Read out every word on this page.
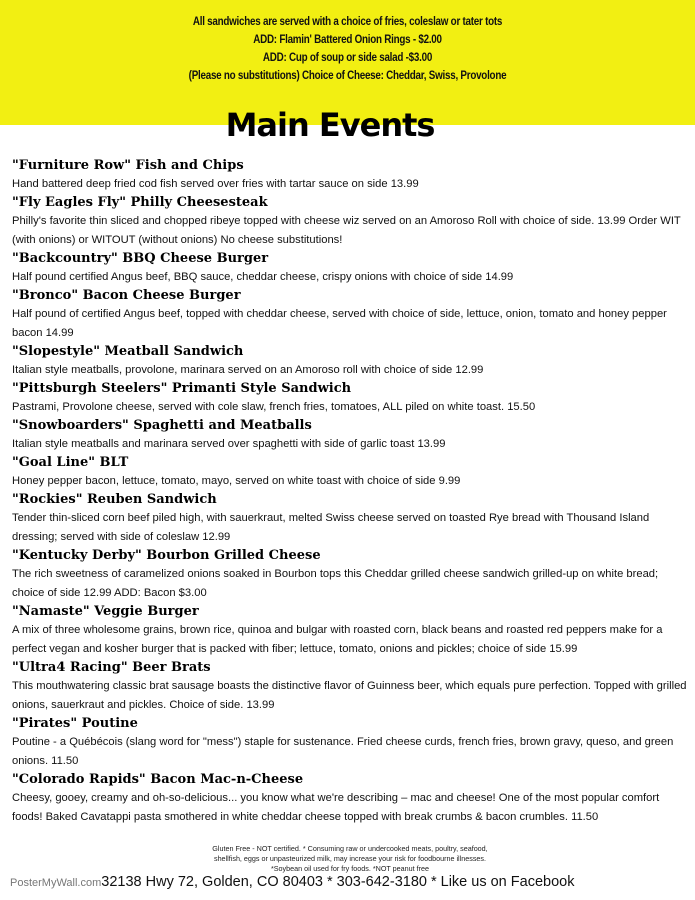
All sandwiches are served with a choice of fries, coleslaw or tater tots
ADD: Flamin' Battered Onion Rings - $2.00
ADD: Cup of soup or side salad -$3.00
(Please no substitutions) Choice of Cheese: Cheddar, Swiss, Provolone
Main Events
"Furniture Row" Fish and Chips
Hand battered deep fried cod fish served over fries with tartar sauce on side 13.99
"Fly Eagles Fly" Philly Cheesesteak
Philly's favorite thin sliced and chopped ribeye topped with cheese wiz served on an Amoroso Roll with choice of side. 13.99 Order WIT (with onions) or WITOUT (without onions) No cheese substitutions!
"Backcountry" BBQ Cheese Burger
Half pound certified Angus beef, BBQ sauce, cheddar cheese, crispy onions with choice of side 14.99
"Bronco" Bacon Cheese Burger
Half pound of certified Angus beef, topped with cheddar cheese, served with choice of side, lettuce, onion, tomato and honey pepper bacon 14.99
"Slopestyle" Meatball Sandwich
Italian style meatballs, provolone, marinara served on an Amoroso roll with choice of side 12.99
"Pittsburgh Steelers" Primanti Style Sandwich
Pastrami, Provolone cheese, served with cole slaw, french fries, tomatoes, ALL piled on white toast. 15.50
"Snowboarders" Spaghetti and Meatballs
Italian style meatballs and marinara served over spaghetti with side of garlic toast 13.99
"Goal Line" BLT
Honey pepper bacon, lettuce, tomato, mayo, served on white toast with choice of side 9.99
"Rockies" Reuben Sandwich
Tender thin-sliced corn beef piled high, with sauerkraut, melted Swiss cheese served on toasted Rye bread with Thousand Island dressing; served with side of coleslaw 12.99
"Kentucky Derby" Bourbon Grilled Cheese
The rich sweetness of caramelized onions soaked in Bourbon tops this Cheddar grilled cheese sandwich grilled-up on white bread; choice of side 12.99 ADD: Bacon $3.00
"Namaste" Veggie Burger
A mix of three wholesome grains, brown rice, quinoa and bulgar with roasted corn, black beans and roasted red peppers make for a perfect vegan and kosher burger that is packed with fiber; lettuce, tomato, onions and pickles; choice of side 15.99
"Ultra4 Racing" Beer Brats
This mouthwatering classic brat sausage boasts the distinctive flavor of Guinness beer, which equals pure perfection. Topped with grilled onions, sauerkraut and pickles. Choice of side. 13.99
"Pirates" Poutine
Poutine - a Québécois (slang word for "mess") staple for sustenance. Fried cheese curds, french fries, brown gravy, queso, and green onions. 11.50
"Colorado Rapids" Bacon Mac-n-Cheese
Cheesy, gooey, creamy and oh-so-delicious... you know what we're describing – mac and cheese! One of the most popular comfort foods! Baked Cavatappi pasta smothered in white cheddar cheese topped with break crumbs & bacon crumbles. 11.50
Gluten Free - NOT certified. * Consuming raw or undercooked meats, poultry, seafood,
shellfish, eggs or unpasteurized milk, may increase your risk for foodbourne illnesses.
*Soybean oil used for fry foods. *NOT peanut free
PosterMyWall.com32138 Hwy 72, Golden, CO 80403 * 303-642-3180 * Like us on Facebook
